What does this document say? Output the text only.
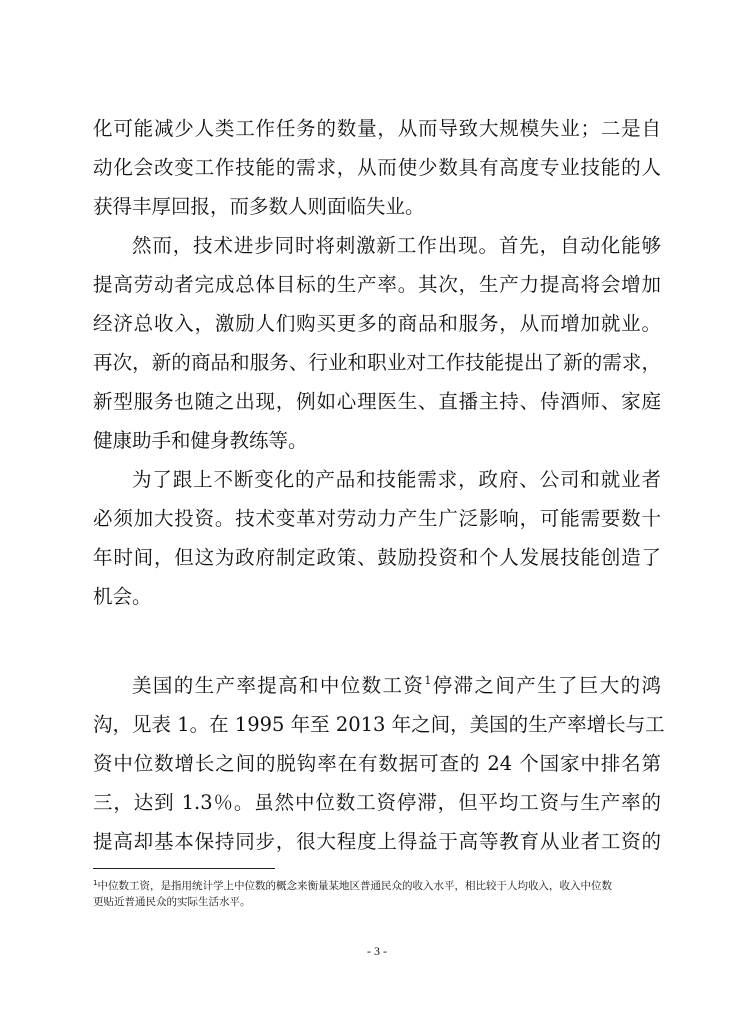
化可能减少人类工作任务的数量，从而导致大规模失业；二是自
动化会改变工作技能的需求，从而使少数具有高度专业技能的人
获得丰厚回报，而多数人则面临失业。
然而，技术进步同时将刺激新工作出现。首先，自动化能够
提高劳动者完成总体目标的生产率。其次，生产力提高将会增加
经济总收入，激励人们购买更多的商品和服务，从而增加就业。
再次，新的商品和服务、行业和职业对工作技能提出了新的需求，
新型服务也随之出现，例如心理医生、直播主持、侍酒师、家庭
健康助手和健身教练等。
为了跟上不断变化的产品和技能需求，政府、公司和就业者
必须加大投资。技术变革对劳动力产生广泛影响，可能需要数十
年时间，但这为政府制定政策、鼓励投资和个人发展技能创造了
机会。
美国的生产率提高和中位数工资$^1$停滞之间产生了巨大的鸿
沟，见表 1。在 1995 年至 2013 年之间，美国的生产率增长与工
资中位数增长之间的脱钩率在有数据可查的 24 个国家中排名第
三，达到 1.3％。虽然中位数工资停滞，但平均工资与生产率的
提高却基本保持同步，很大程度上得益于高等教育从业者工资的
$^1$中位数工资，是指用统计学上中位数的概念来衡量某地区普通民众的收入水平，相比较于人均收入，收入中位数
更贴近普通民众的实际生活水平。
- 3 -
